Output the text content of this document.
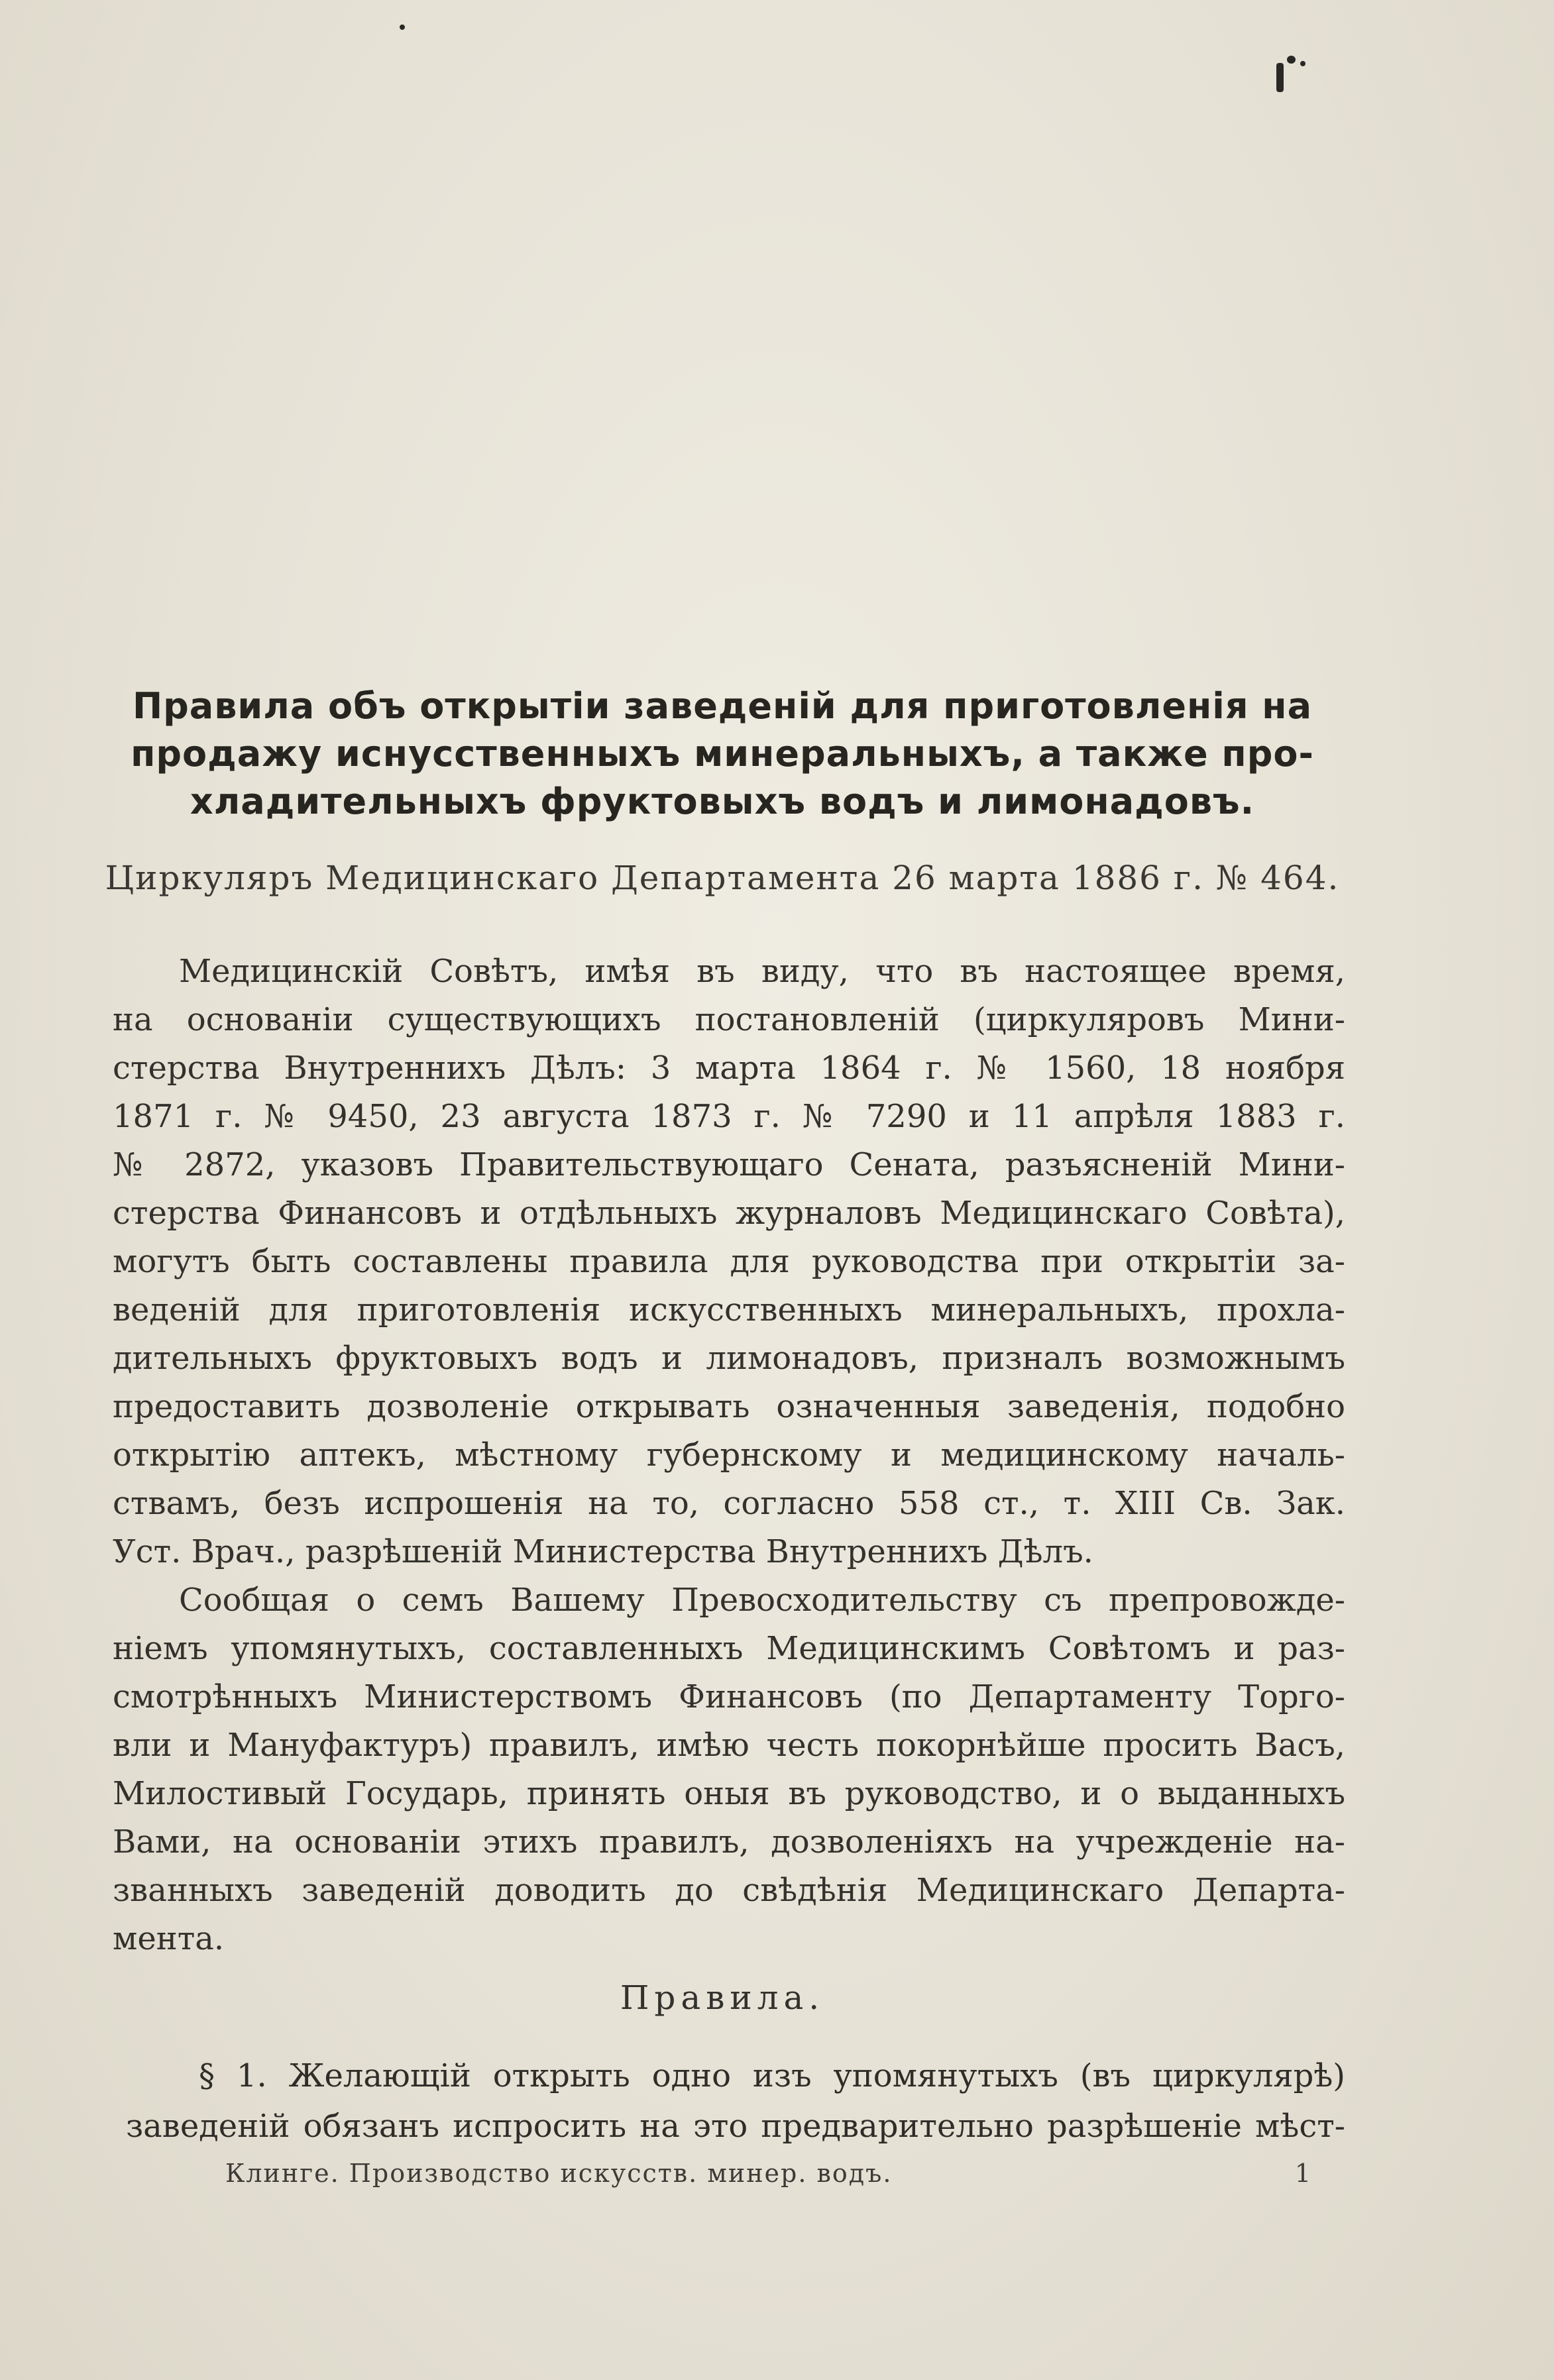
Правила объ открытіи заведеній для приготовленія на
продажу иснусственныхъ минеральныхъ, а также про-
хладительныхъ фруктовыхъ водъ и лимонадовъ.
Циркуляръ Медицинскаго Департамента 26 марта 1886 г. № 464.
Медицинскій Совѣтъ, имѣя въ виду, что въ настоящее время,
на основаніи существующихъ постановленій (циркуляровъ Мини-
стерства Внутреннихъ Дѣлъ: 3 марта 1864 г. № 1560, 18 ноября
1871 г. № 9450, 23 августа 1873 г. № 7290 и 11 апрѣля 1883 г.
№ 2872, указовъ Правительствующаго Сената, разъясненій Мини-
стерства Финансовъ и отдѣльныхъ журналовъ Медицинскаго Совѣта),
могутъ быть составлены правила для руководства при открытіи за-
веденій для приготовленія искусственныхъ минеральныхъ, прохла-
дительныхъ фруктовыхъ водъ и лимонадовъ, призналъ возможнымъ
предоставить дозволеніе открывать означенныя заведенія, подобно
открытію аптекъ, мѣстному губернскому и медицинскому началь-
ствамъ, безъ испрошенія на то, согласно 558 ст., т. XIII Св. Зак.
Уст. Врач., разрѣшеній Министерства Внутреннихъ Дѣлъ.
Сообщая о семъ Вашему Превосходительству съ препровожде-
ніемъ упомянутыхъ, составленныхъ Медицинскимъ Совѣтомъ и раз-
смотрѣнныхъ Министерствомъ Финансовъ (по Департаменту Торго-
вли и Мануфактуръ) правилъ, имѣю честь покорнѣйше просить Васъ,
Милостивый Государь, принять оныя въ руководство, и о выданныхъ
Вами, на основаніи этихъ правилъ, дозволеніяхъ на учрежденіе на-
званныхъ заведеній доводить до свѣдѣнія Медицинскаго Департа-
мента.
Правила.
§ 1. Желающій открыть одно изъ упомянутыхъ (въ циркулярѣ)
заведеній обязанъ испросить на это предварительно разрѣшеніе мѣст-
Клинге. Производство искусств. минер. водъ.	1
